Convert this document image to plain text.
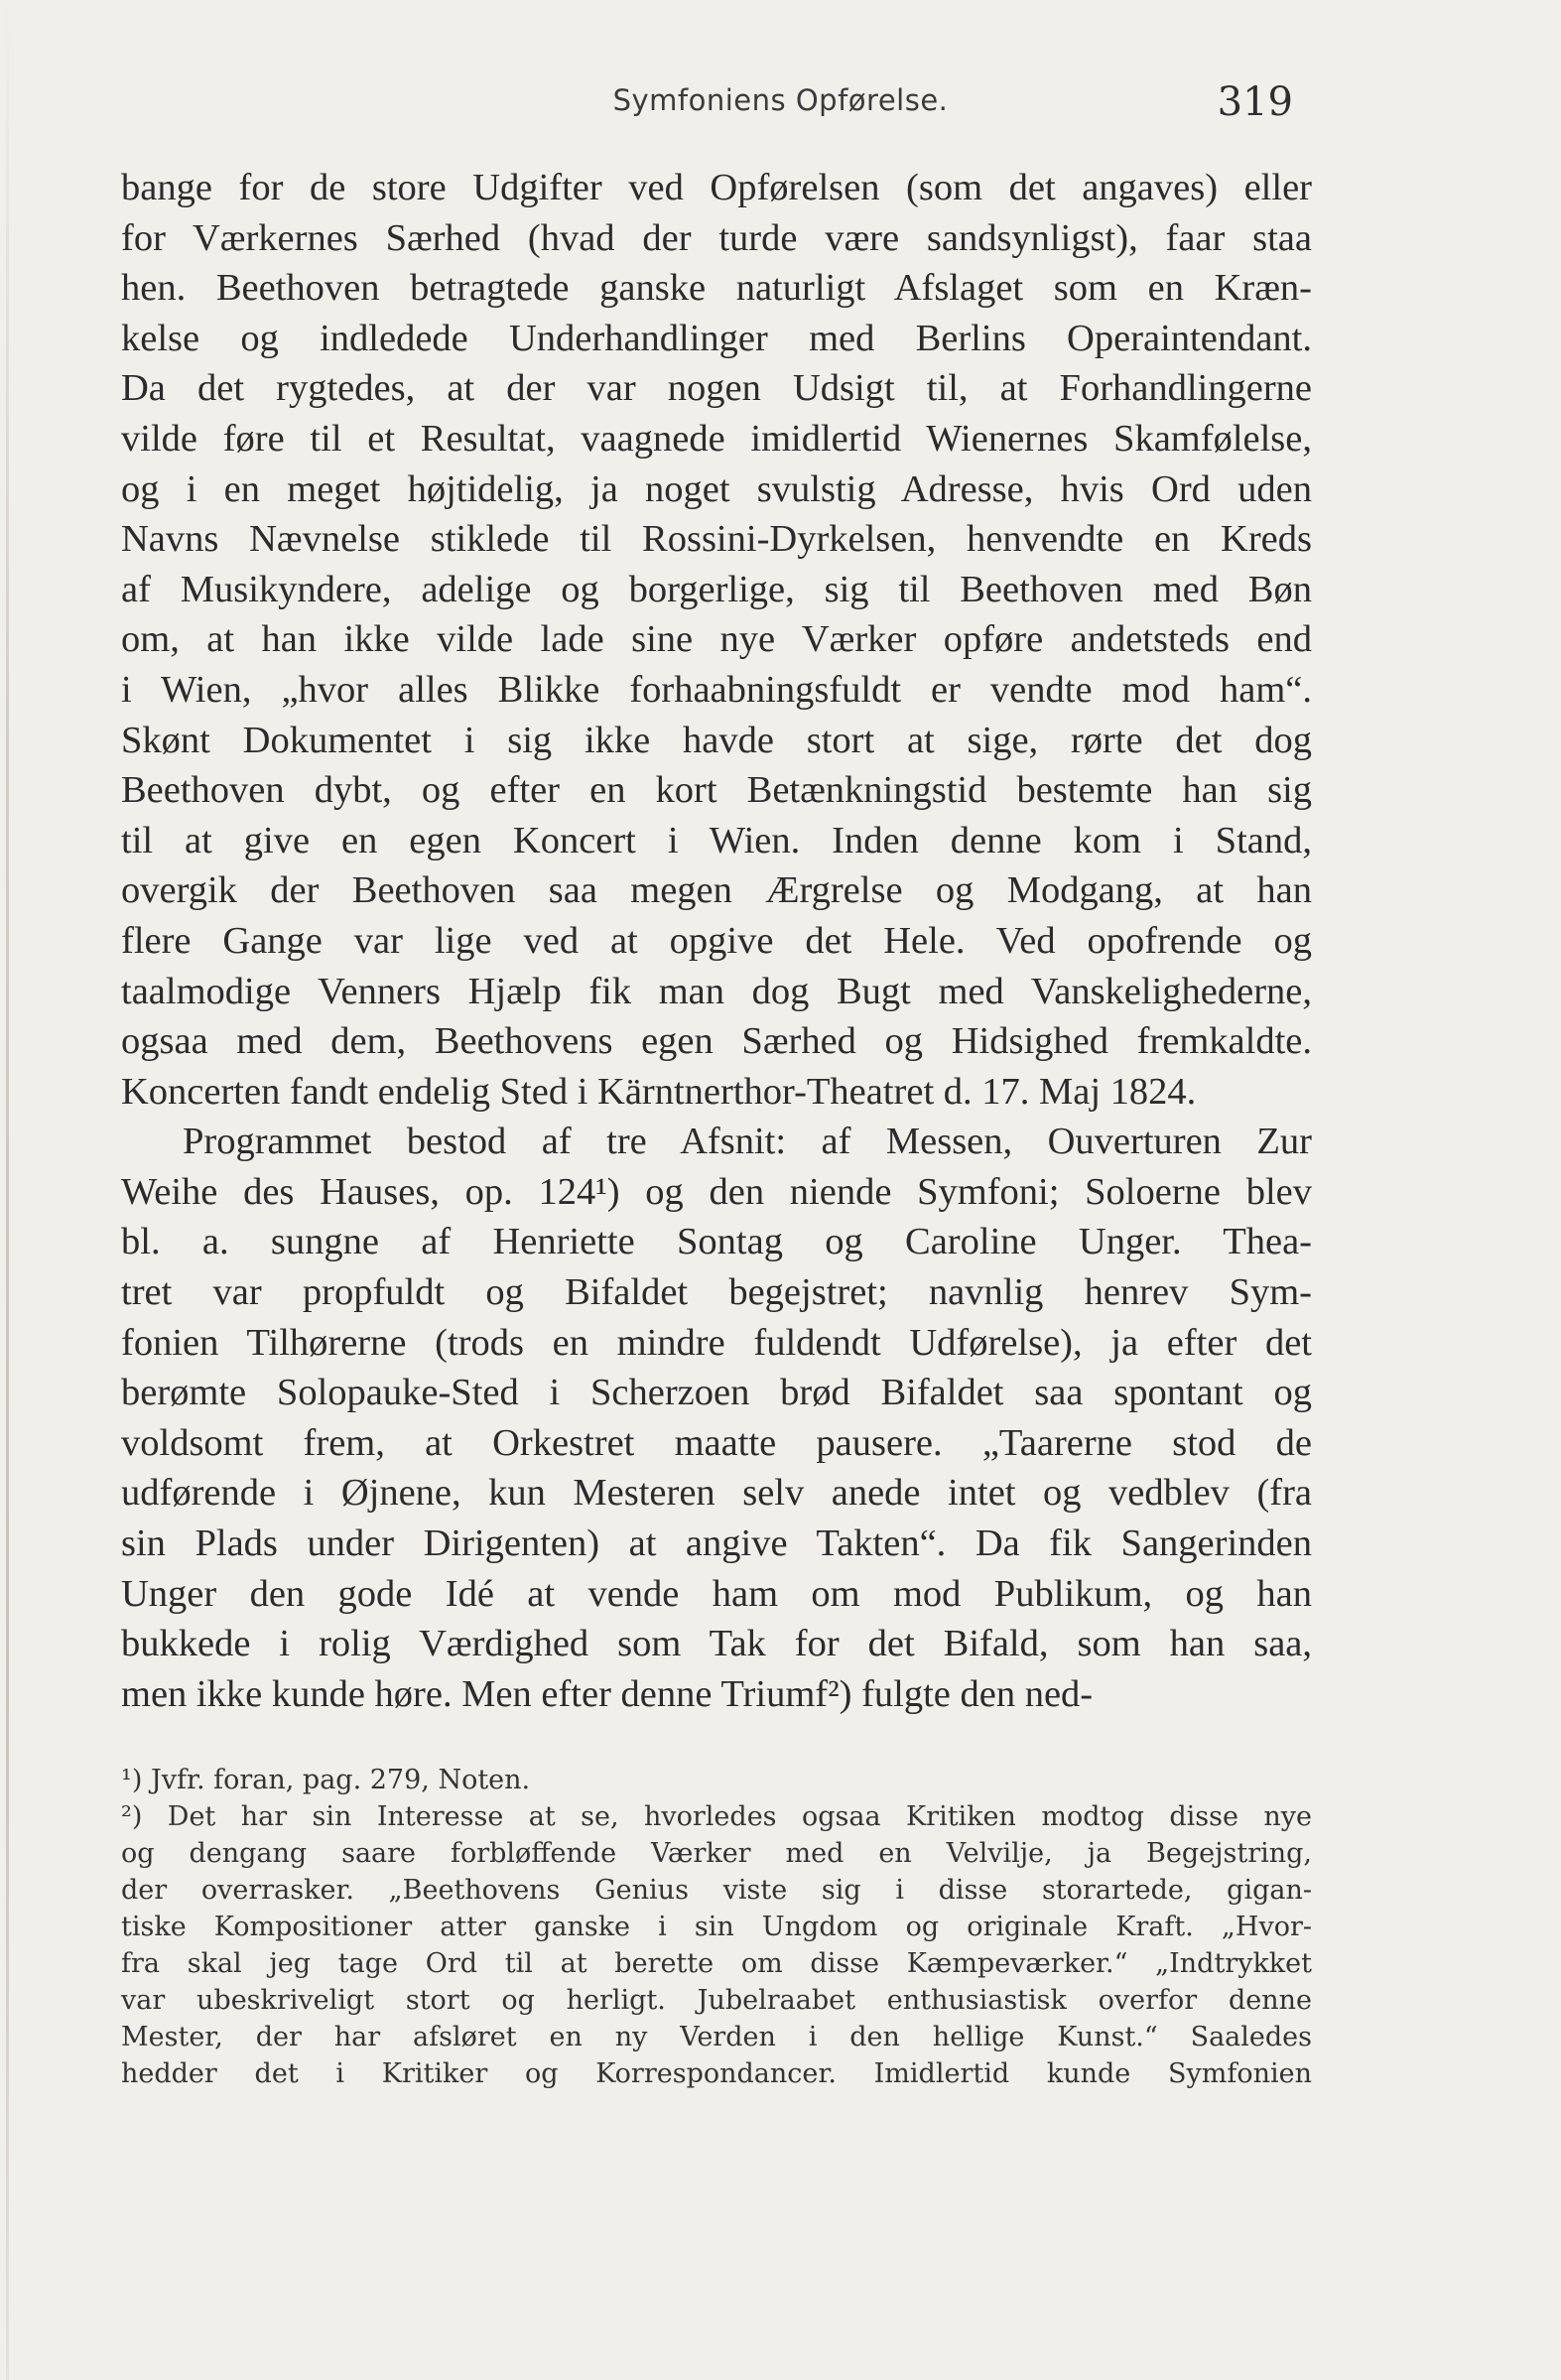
Symfoniens Opførelse.	319
bange for de store Udgifter ved Opførelsen (som det angaves) eller
for Værkernes Særhed (hvad der turde være sandsynligst), faar staa
hen. Beethoven betragtede ganske naturligt Afslaget som en Kræn-
kelse og indledede Underhandlinger med Berlins Operaintendant.
Da det rygtedes, at der var nogen Udsigt til, at Forhandlingerne
vilde føre til et Resultat, vaagnede imidlertid Wienernes Skamfølelse,
og i en meget højtidelig, ja noget svulstig Adresse, hvis Ord uden
Navns Nævnelse stiklede til Rossini-Dyrkelsen, henvendte en Kreds
af Musikyndere, adelige og borgerlige, sig til Beethoven med Bøn
om, at han ikke vilde lade sine nye Værker opføre andetsteds end
i Wien, „hvor alles Blikke forhaabningsfuldt er vendte mod ham“.
Skønt Dokumentet i sig ikke havde stort at sige, rørte det dog
Beethoven dybt, og efter en kort Betænkningstid bestemte han sig
til at give en egen Koncert i Wien. Inden denne kom i Stand,
overgik der Beethoven saa megen Ærgrelse og Modgang, at han
flere Gange var lige ved at opgive det Hele. Ved opofrende og
taalmodige Venners Hjælp fik man dog Bugt med Vanskelighederne,
ogsaa med dem, Beethovens egen Særhed og Hidsighed fremkaldte.
Koncerten fandt endelig Sted i Kärntnerthor-Theatret d. 17. Maj 1824.
Programmet bestod af tre Afsnit: af Messen, Ouverturen Zur
Weihe des Hauses, op. 124¹) og den niende Symfoni; Soloerne blev
bl. a. sungne af Henriette Sontag og Caroline Unger. Thea-
tret var propfuldt og Bifaldet begejstret; navnlig henrev Sym-
fonien Tilhørerne (trods en mindre fuldendt Udførelse), ja efter det
berømte Solopauke-Sted i Scherzoen brød Bifaldet saa spontant og
voldsomt frem, at Orkestret maatte pausere. „Taarerne stod de
udførende i Øjnene, kun Mesteren selv anede intet og vedblev (fra
sin Plads under Dirigenten) at angive Takten“. Da fik Sangerinden
Unger den gode Idé at vende ham om mod Publikum, og han
bukkede i rolig Værdighed som Tak for det Bifald, som han saa,
men ikke kunde høre. Men efter denne Triumf²) fulgte den ned-
¹) Jvfr. foran, pag. 279, Noten.
²) Det har sin Interesse at se, hvorledes ogsaa Kritiken modtog disse nye
og dengang saare forbløffende Værker med en Velvilje, ja Begejstring,
der overrasker. „Beethovens Genius viste sig i disse storartede, gigan-
tiske Kompositioner atter ganske i sin Ungdom og originale Kraft. „Hvor-
fra skal jeg tage Ord til at berette om disse Kæmpeværker.“ „Indtrykket
var ubeskriveligt stort og herligt. Jubelraabet enthusiastisk overfor denne
Mester, der har afsløret en ny Verden i den hellige Kunst.“ Saaledes
hedder det i Kritiker og Korrespondancer. Imidlertid kunde Symfonien
